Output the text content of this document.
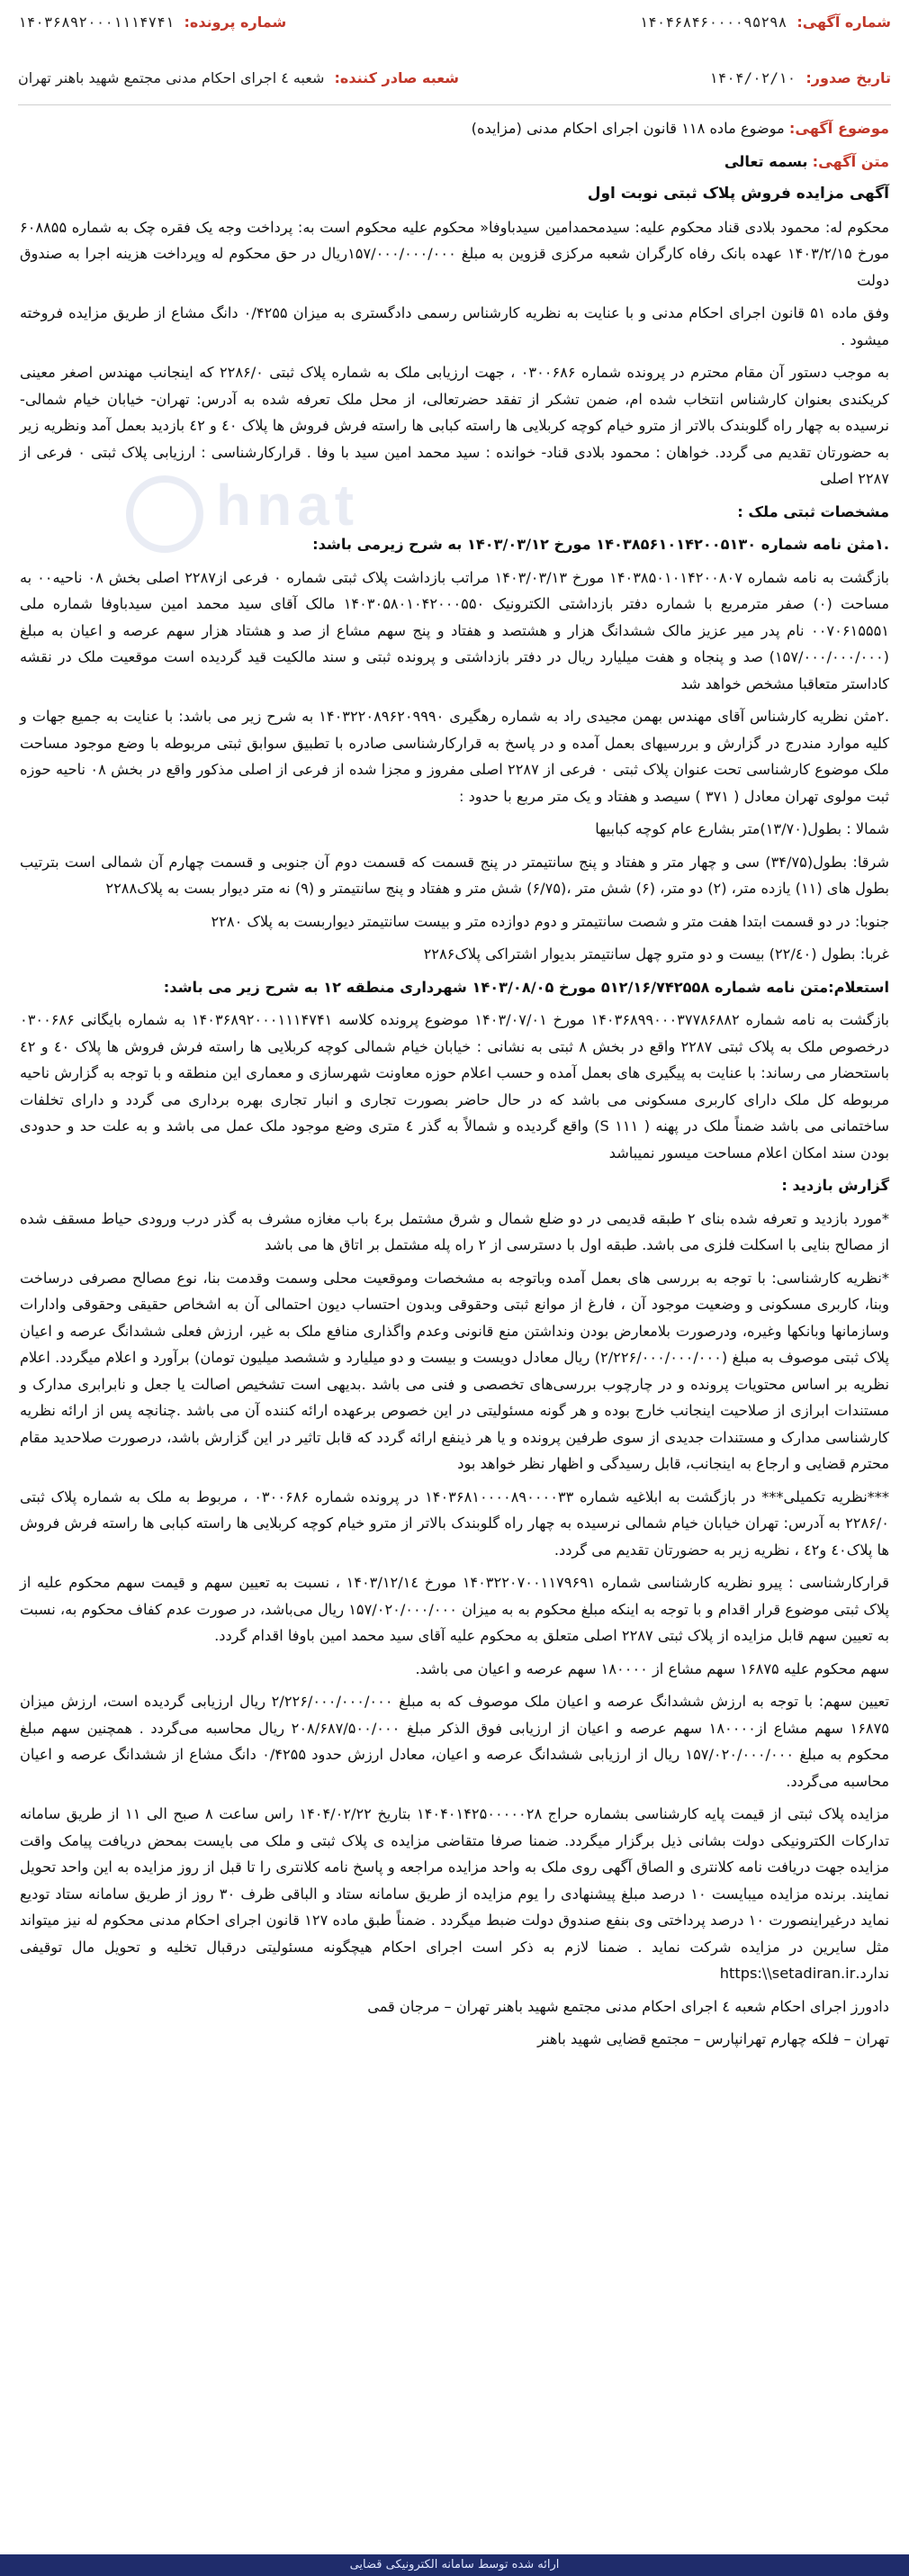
شماره آگهی: ۱۴۰۴۶۸۴۶۰۰۰۰۹۵۲۹۸
شماره پرونده: ۱۴۰۳۶۸۹۲۰۰۰۱۱۱۴۷۴۱
تاریخ صدور: ۱۴۰۴/۰۲/۱۰
شعبه صادر کننده: شعبه ٤ اجرای احکام مدنی مجتمع شهید باهنر تهران
hnat

موضوع آگهی: موضوع ماده ۱۱۸ قانون اجرای احکام مدنی (مزایده)

متن آگهی: بسمه تعالی

آگهی مزایده فروش پلاک ثبتی نوبت اول

محکوم له: محمود بلادی قناد محکوم علیه: سیدمحمدامین سیدباوفا« محکوم علیه محکوم است به: پرداخت وجه یک فقره چک به شماره ۶۰۸۸۵۵ مورخ ۱۴۰۳/۲/۱۵ عهده بانک رفاه کارگران شعبه مرکزی قزوین به مبلغ ۱۵۷/۰۰۰/۰۰۰/۰۰۰ریال در حق محکوم له وپرداخت هزینه اجرا به صندوق دولت

وفق ماده ۵۱ قانون اجرای احکام مدنی و با عنایت به نظریه کارشناس رسمی دادگستری به میزان ۰/۴۲۵۵ دانگ مشاع از طریق مزایده فروخته میشود .

به موجب دستور آن مقام محترم در پرونده شماره ۰۳۰۰۶۸۶ ، جهت ارزیابی ملک به شماره پلاک ثبتی ۲۲۸۶/۰ که اینجانب مهندس اصغر معینی کریکندی بعنوان کارشناس انتخاب شده ام، ضمن تشکر از تفقد حضرتعالی، از محل ملک تعرفه شده به آدرس: تهران- خیابان خیام شمالی- نرسیده به چهار راه گلوبندک بالاتر از مترو خیام کوچه کربلایی ها راسته کبابی ها راسته فرش فروش ها پلاک ٤۰ و ٤۲ بازدید بعمل آمد ونظریه زیر به حضورتان تقدیم می گردد. خواهان : محمود بلادی قناد- خوانده : سید محمد امین سید با وفا . قرارکارشناسی : ارزیابی پلاک ثبتی ۰ فرعی از ۲۲۸۷ اصلی

مشخصات ثبتی ملک :

.۱مثن نامه شماره ۱۴۰۳۸۵۶۱۰۱۴۲۰۰۵۱۳۰ مورخ ۱۴۰۳/۰۳/۱۲ به شرح زیرمی باشد:

بازگشت به نامه شماره ۱۴۰۳۸۵۰۱۰۱۴۲۰۰۸۰۷ مورخ ۱۴۰۳/۰۳/۱۳ مراتب بازداشت پلاک ثبتی شماره ۰ فرعی از۲۲۸۷ اصلی بخش ۰۸ ناحیه۰۰ به مساحت (۰) صفر مترمربع با شماره دفتر بازداشتی الکترونیک ۱۴۰۳۰۵۸۰۱۰۴۲۰۰۰۵۵۰ مالک آقای سید محمد امین سیدباوفا شماره ملی ۰۰۷۰۶۱۵۵۵۱ نام پدر میر عزیز مالک ششدانگ هزار و هشتصد و هفتاد و پنج سهم مشاع از صد و هشتاد هزار سهم عرصه و اعیان به مبلغ (۱۵۷/۰۰۰/۰۰۰/۰۰۰) صد و پنجاه و هفت میلیارد ریال در دفتر بازداشتی و پرونده ثبتی و سند مالکیت قید گردیده است موقعیت ملک در نقشه کاداستر متعاقبا مشخص خواهد شد

.۲مثن نظریه کارشناس آقای مهندس بهمن مجیدی راد به شماره رهگیری ۱۴۰۳۲۲۰۸۹۶۲۰۹۹۹۰ به شرح زیر می باشد: با عنایت به جمیع جهات و کلیه موارد مندرج در گزارش و بررسیهای بعمل آمده و در پاسخ به قرارکارشناسی صادره با تطبیق سوابق ثبتی مربوطه با وضع موجود مساحت ملک موضوع کارشناسی تحت عنوان پلاک ثبتی ۰ فرعی از ۲۲۸۷ اصلی مفروز و مجزا شده از فرعی از اصلی مذکور واقع در بخش ۰۸ ناحیه حوزه ثبت مولوی تهران معادل ( ۳۷۱ ) سیصد و هفتاد و یک متر مربع با حدود :

شمالا : بطول(۱۳/۷۰)متر بشارع عام کوچه کبابیها

شرقا: بطول(۳۴/۷۵) سی و چهار متر و هفتاد و پنج سانتیمتر در پنج قسمت که قسمت دوم آن جنوبی و قسمت چهارم آن شمالی است بترتیب بطول های (۱۱) یازده متر، (۲) دو متر، (۶) شش متر ،(۶/۷۵) شش متر و هفتاد و پنج سانتیمتر و (۹) نه متر دیوار بست به پلاک۲۲۸۸

جنوبا: در دو قسمت ابتدا هفت متر و شصت سانتیمتر و دوم دوازده متر و بیست سانتیمتر دیواربست به پلاک ۲۲۸۰

غربا: بطول (۲۲/٤۰) بیست و دو مترو چهل سانتیمتر بدیوار اشتراکی پلاک۲۲۸۶

استعلام:متن نامه شماره ۵۱۲/۱۶/۷۴۲۵۵۸ مورخ ۱۴۰۳/۰۸/۰۵ شهرداری منطقه ۱۲ به شرح زیر می باشد:

بازگشت به نامه شماره ۱۴۰۳۶۸۹۹۰۰۰۳۷۷۸۶۸۸۲ مورخ ۱۴۰۳/۰۷/۰۱ موضوع پرونده کلاسه ۱۴۰۳۶۸۹۲۰۰۰۱۱۱۴۷۴۱ به شماره بایگانی ۰۳۰۰۶۸۶ درخصوص ملک به پلاک ثبتی ۲۲۸۷ واقع در بخش ۸ ثبتی به نشانی : خیابان خیام شمالی کوچه کربلایی ها راسته فرش فروش ها پلاک ٤۰ و ٤۲ باستحضار می رساند: با عنایت به پیگیری های بعمل آمده و حسب اعلام حوزه معاونت شهرسازی و معماری این منطقه و با توجه به گزارش ناحیه مربوطه کل ملک دارای کاربری مسکونی می باشد که در حال حاضر بصورت تجاری و انبار تجاری بهره برداری می گردد و دارای تخلفات ساختمانی می باشد ضمناً ملک در پهنه ( ۱۱۱ S) واقع گردیده و شمالاً به گذر ٤ متری وضع موجود ملک عمل می باشد و به علت حد و حدودی بودن سند امکان اعلام مساحت میسور نمیباشد

گزارش بازدید :

*مورد بازدید و تعرفه شده بنای ۲ طبقه قدیمی در دو ضلع شمال و شرق مشتمل بر٤ باب مغازه مشرف به گذر درب ورودی حیاط مسقف شده از مصالح بنایی با اسکلت فلزی می باشد. طبقه اول با دسترسی از ۲ راه پله مشتمل بر اتاق ها می باشد

*نظریه کارشناسی: با توجه به بررسی های بعمل آمده وباتوجه به مشخصات وموقعیت محلی وسمت وقدمت بنا، نوع مصالح مصرفی درساخت وبنا، کاربری مسکونی و وضعیت موجود آن ، فارغ از موانع ثبتی وحقوقی وبدون احتساب دیون احتمالی آن به اشخاص حقیقی وحقوقی وادارات وسازمانها وبانکها وغیره، ودرصورت بلامعارض بودن ونداشتن منع قانونی وعدم واگذاری منافع ملک به غیر، ارزش فعلی ششدانگ عرصه و اعیان پلاک ثبتی موصوف به مبلغ (۲/۲۲۶/۰۰۰/۰۰۰/۰۰۰) ریال معادل دویست و بیست و دو میلیارد و ششصد میلیون تومان) برآورد و اعلام میگردد. اعلام نظریه بر اساس محتویات پرونده و در چارچوب بررسی‌های تخصصی و فنی می باشد .بدیهی است تشخیص اصالت یا جعل و نابرابری مدارک و مستندات ابرازی از صلاحیت اینجانب خارج بوده و هر گونه مسئولیتی در این خصوص برعهده ارائه کننده آن می باشد .چنانچه پس از ارائه نظریه کارشناسی مدارک و مستندات جدیدی از سوی طرفین پرونده و یا هر ذینفع ارائه گردد که قابل تاثیر در این گزارش باشد، درصورت صلاحدید مقام محترم قضایی و ارجاع به اینجانب، قابل رسیدگی و اظهار نظر خواهد بود

***نظریه تکمیلی*** در بازگشت به ابلاغیه شماره ۱۴۰۳۶۸۱۰۰۰۰۸۹۰۰۰۰۳۳ در پرونده شماره ۰۳۰۰۶۸۶ ، مربوط به ملک به شماره پلاک ثبتی ۲۲۸۶/۰ به آدرس: تهران خیابان خیام شمالی نرسیده به چهار راه گلوبندک بالاتر از مترو خیام کوچه کربلایی ها راسته کبابی ها راسته فرش فروش ها پلاک٤۰ و٤۲ ، نظریه زیر به حضورتان تقدیم می گردد.

قرارکارشناسی : پیرو نظریه کارشناسی شماره ۱۴۰۳۲۲۰۷۰۰۱۱۷۹۶۹۱ مورخ ۱۴۰۳/۱۲/۱٤ ، نسبت به تعیین سهم و قیمت سهم محکوم علیه از پلاک ثبتی موضوع قرار اقدام و با توجه به اینکه مبلغ محکوم به به میزان ۱۵۷/۰۲۰/۰۰۰/۰۰۰ ریال می‌باشد، در صورت عدم کفاف محکوم به، نسبت به تعیین سهم قابل مزایده از پلاک ثبتی ۲۲۸۷ اصلی متعلق به محکوم علیه آقای سید محمد امین باوفا اقدام گردد.

سهم محکوم علیه ۱۶۸۷۵ سهم مشاع از ۱۸۰۰۰۰ سهم عرصه و اعیان می باشد.

تعیین سهم: با توجه به ارزش ششدانگ عرصه و اعیان ملک موصوف که به مبلغ ۲/۲۲۶/۰۰۰/۰۰۰/۰۰۰ ریال ارزیابی گردیده است، ارزش میزان ۱۶۸۷۵ سهم مشاع از۱۸۰۰۰۰ سهم عرصه و اعیان از ارزیابی فوق الذکر مبلغ ۲۰۸/۶۸۷/۵۰۰/۰۰۰ ریال محاسبه می‌گردد . همچنین سهم مبلغ محکوم به مبلغ ۱۵۷/۰۲۰/۰۰۰/۰۰۰ ریال از ارزیابی ششدانگ عرصه و اعیان، معادل ارزش حدود ۰/۴۲۵۵ دانگ مشاع از ششدانگ عرصه و اعیان محاسبه می‌گردد.

مزایده پلاک ثبتی از قیمت پایه کارشناسی بشماره حراج ۱۴۰۴۰۱۴۲۵۰۰۰۰۰۲۸ بتاریخ ۱۴۰۴/۰۲/۲۲ راس ساعت ۸ صبح الی ۱۱ از طریق سامانه تدارکات الکترونیکی دولت بشانی ذیل برگزار میگردد. ضمنا صرفا متقاضی مزایده ی پلاک ثبتی و ملک می بایست بمحض دریافت پیامک واقت مزایده جهت دریافت نامه کلانتری و الصاق آگهی روی ملک به واحد مزایده مراجعه و پاسخ نامه کلانتری را تا قبل از روز مزایده به این واحد تحویل نمایند. برنده مزایده میبایست ۱۰ درصد مبلغ پیشنهادی را یوم مزایده از طریق سامانه ستاد و الباقی ظرف ۳۰ روز از طریق سامانه ستاد تودیع نماید درغیراینصورت ۱۰ درصد پرداختی وی بنفع صندوق دولت ضبط میگردد . ضمناً طبق ماده ۱۲۷ قانون اجرای احکام مدنی محکوم له نیز میتواند مثل سایرین در مزایده شرکت نماید . ضمنا لازم به ذکر است اجرای احکام هیچگونه مسئولیتی درقبال تخلیه و تحویل مال توقیفی ندارد.https:\\setadiran.ir

دادورز اجرای احکام شعبه ٤ اجرای احکام مدنی مجتمع شهید باهنر تهران – مرجان قمی

تهران – فلکه چهارم تهرانپارس – مجتمع قضایی شهید باهنر

ارائه شده توسط سامانه الکترونیکی قضایی
